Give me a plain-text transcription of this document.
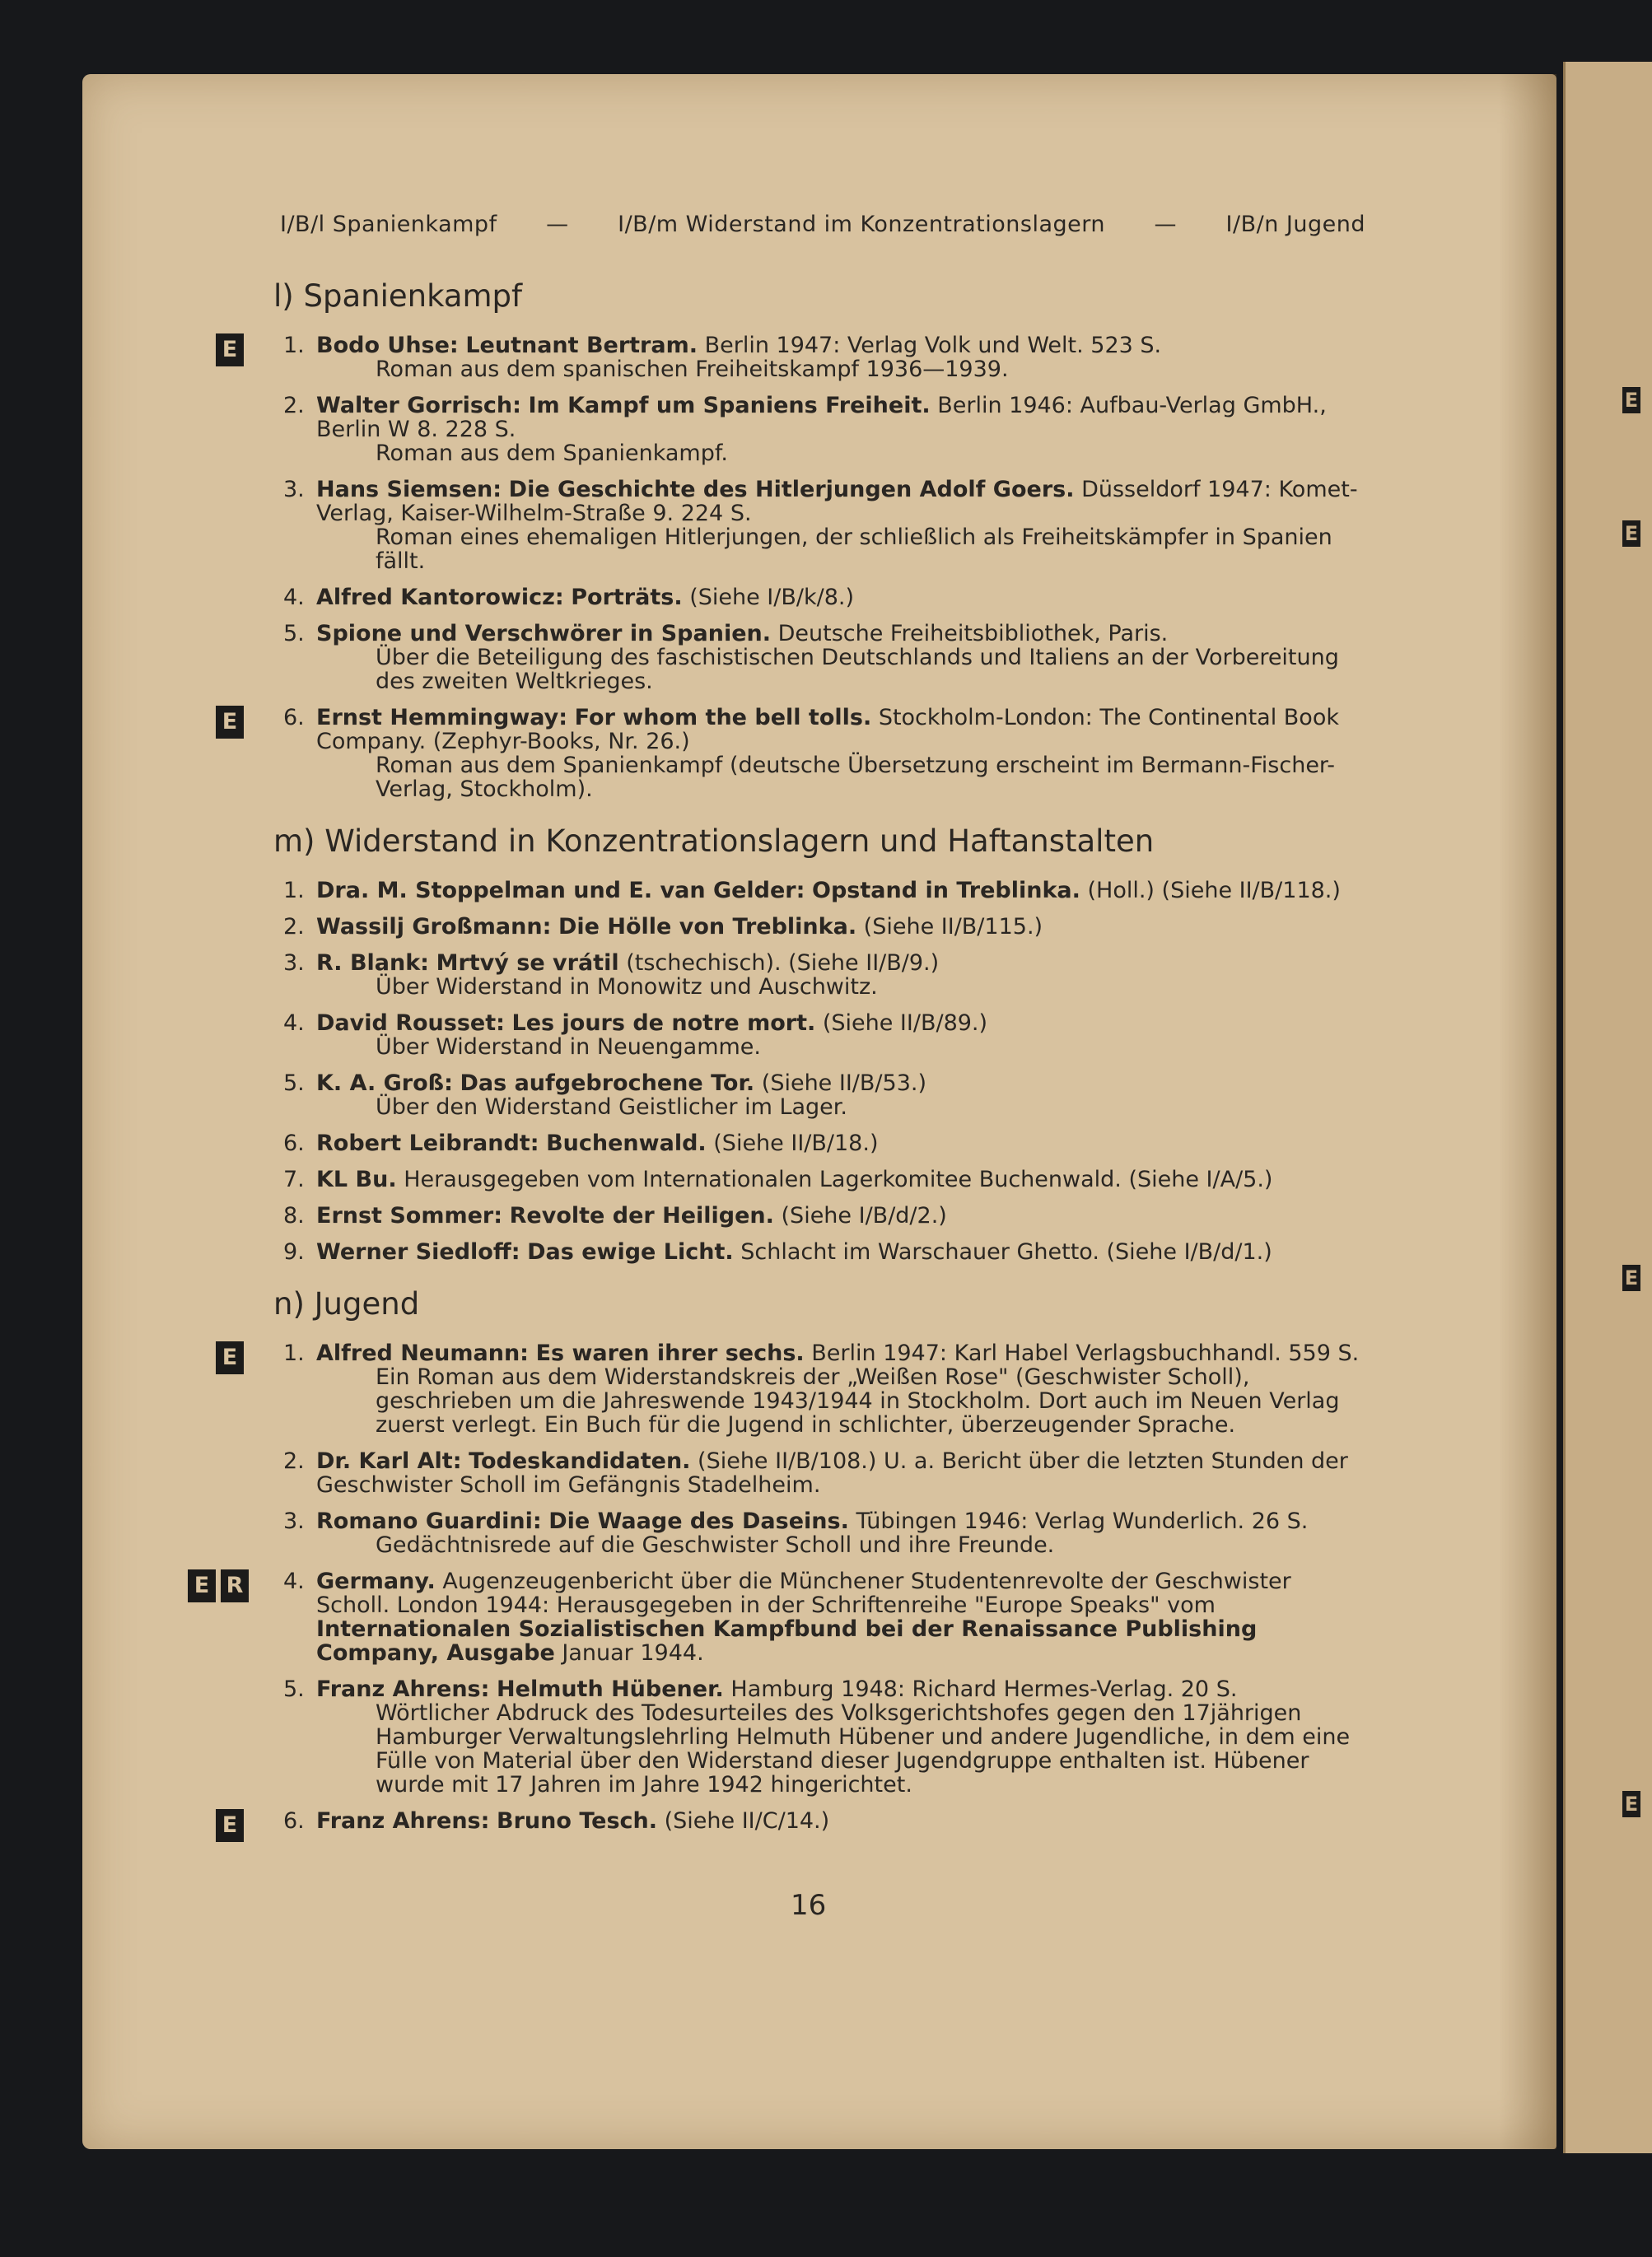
E
E
E
E
I/B/l Spanienkampf — I/B/m Widerstand im Konzentrationslagern — I/B/n Jugend
l) Spanienkampf
E 1. Bodo Uhse: Leutnant Bertram. Berlin 1947: Verlag Volk und Welt. 523 S.
Roman aus dem spanischen Freiheitskampf 1936—1939.
2. Walter Gorrisch: Im Kampf um Spaniens Freiheit. Berlin 1946: Aufbau-Verlag GmbH., Berlin W 8. 228 S.
Roman aus dem Spanienkampf.
3. Hans Siemsen: Die Geschichte des Hitlerjungen Adolf Goers. Düsseldorf 1947: Komet-Verlag, Kaiser-Wilhelm-Straße 9. 224 S.
Roman eines ehemaligen Hitlerjungen, der schließlich als Freiheitskämpfer in Spanien fällt.
4. Alfred Kantorowicz: Porträts. (Siehe I/B/k/8.)
5. Spione und Verschwörer in Spanien. Deutsche Freiheitsbibliothek, Paris.
Über die Beteiligung des faschistischen Deutschlands und Italiens an der Vorbereitung des zweiten Weltkrieges.
E 6. Ernst Hemmingway: For whom the bell tolls. Stockholm-London: The Continental Book Company. (Zephyr-Books, Nr. 26.)
Roman aus dem Spanienkampf (deutsche Übersetzung erscheint im Bermann-Fischer-Verlag, Stockholm).
m) Widerstand in Konzentrationslagern und Haftanstalten
1. Dra. M. Stoppelman und E. van Gelder: Opstand in Treblinka. (Holl.) (Siehe II/B/118.)
2. Wassilj Großmann: Die Hölle von Treblinka. (Siehe II/B/115.)
3. R. Blank: Mrtvý se vrátil (tschechisch). (Siehe II/B/9.)
Über Widerstand in Monowitz und Auschwitz.
4. David Rousset: Les jours de notre mort. (Siehe II/B/89.)
Über Widerstand in Neuengamme.
5. K. A. Groß: Das aufgebrochene Tor. (Siehe II/B/53.)
Über den Widerstand Geistlicher im Lager.
6. Robert Leibrandt: Buchenwald. (Siehe II/B/18.)
7. KL Bu. Herausgegeben vom Internationalen Lagerkomitee Buchenwald. (Siehe I/A/5.)
8. Ernst Sommer: Revolte der Heiligen. (Siehe I/B/d/2.)
9. Werner Siedloff: Das ewige Licht. Schlacht im Warschauer Ghetto. (Siehe I/B/d/1.)
n) Jugend
E 1. Alfred Neumann: Es waren ihrer sechs. Berlin 1947: Karl Habel Verlagsbuchhandl. 559 S.
Ein Roman aus dem Widerstandskreis der „Weißen Rose" (Geschwister Scholl), geschrieben um die Jahreswende 1943/1944 in Stockholm. Dort auch im Neuen Verlag zuerst verlegt. Ein Buch für die Jugend in schlichter, überzeugender Sprache.
2. Dr. Karl Alt: Todeskandidaten. (Siehe II/B/108.) U. a. Bericht über die letzten Stunden der Geschwister Scholl im Gefängnis Stadelheim.
3. Romano Guardini: Die Waage des Daseins. Tübingen 1946: Verlag Wunderlich. 26 S.
Gedächtnisrede auf die Geschwister Scholl und ihre Freunde.
E R 4. Germany. Augenzeugenbericht über die Münchener Studentenrevolte der Geschwister Scholl. London 1944: Herausgegeben in der Schriftenreihe "Europe Speaks" vom Internationalen Sozialistischen Kampfbund bei der Renaissance Publishing Company, Ausgabe Januar 1944.
5. Franz Ahrens: Helmuth Hübener. Hamburg 1948: Richard Hermes-Verlag. 20 S.
Wörtlicher Abdruck des Todesurteiles des Volksgerichtshofes gegen den 17jährigen Hamburger Verwaltungslehrling Helmuth Hübener und andere Jugendliche, in dem eine Fülle von Material über den Widerstand dieser Jugendgruppe enthalten ist. Hübener wurde mit 17 Jahren im Jahre 1942 hingerichtet.
E 6. Franz Ahrens: Bruno Tesch. (Siehe II/C/14.)
16
